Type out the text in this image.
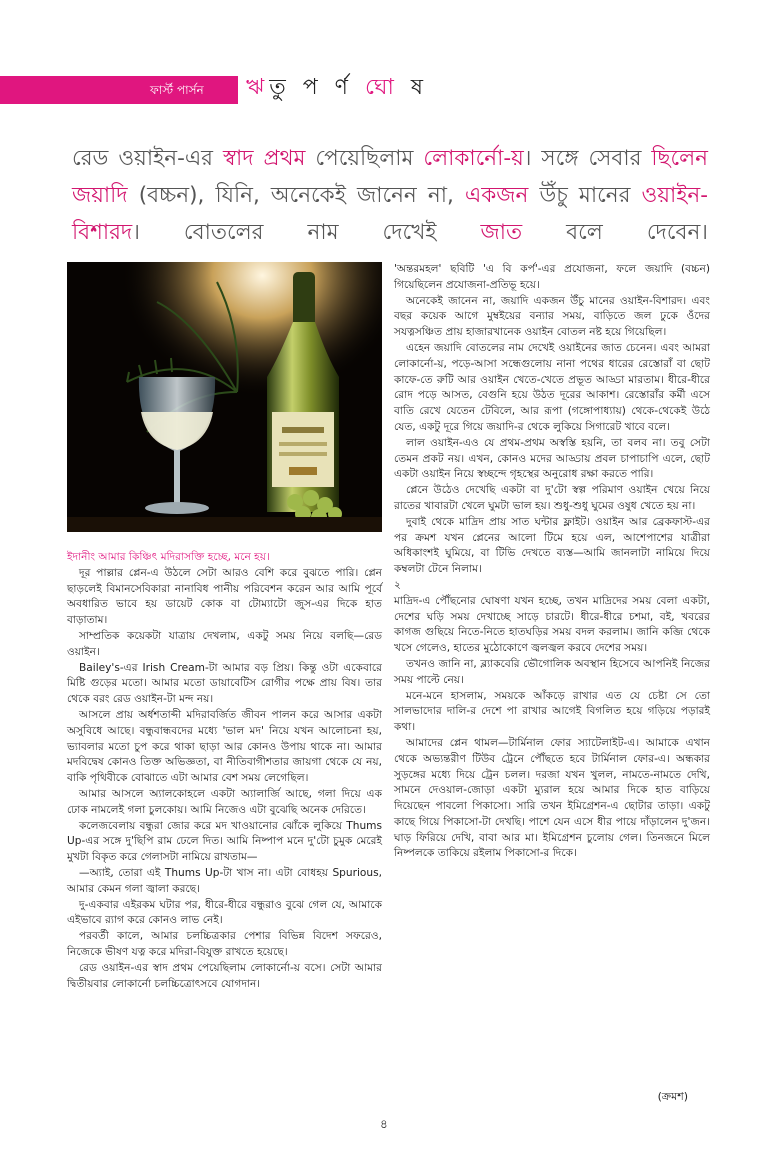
ফার্স্ট পার্সন ঋতু প র্ণ ঘো ষ
রেড ওয়াইন-এর স্বাদ প্রথম পেয়েছিলাম লোকার্নো-য়। সঙ্গে সেবার ছিলেন জয়াদি (বচ্চন), যিনি, অনেকেই জানেন না, একজন উঁচু মানের ওয়াইন-বিশারদ। বোতলের নাম দেখেই জাত বলে দেবেন।

ইদানীং আমার কিঞ্চিৎ মদিরাসক্তি হচ্ছে, মনে হয়।

দূর পাল্লার প্লেন-এ উঠলে সেটা আরও বেশি করে বুঝতে পারি। প্লেন ছাড়লেই বিমানসেবিকারা নানাবিধ পানীয় পরিবেশন করেন আর আমি পূর্বে অবধারিত ভাবে হয় ডায়েট কোক বা টোম্যাটো জুস-এর দিকে হাত বাড়াতাম।

সাম্প্রতিক কয়েকটা যাত্রায় দেখলাম, একটু সময় নিয়ে বলছি—রেড ওয়াইন।

Bailey's-এর Irish Cream-টা আমার বড় প্রিয়। কিন্তু ওটা একেবারে মিষ্টি গুড়ের মতো। আমার মতো ডায়াবেটিস রোগীর পক্ষে প্রায় বিষ। তার থেকে বরং রেড ওয়াইন-টা মন্দ নয়।

আসলে প্রায় অর্ধশতাব্দী মদিরাবর্জিত জীবন পালন করে আসার একটা অসুবিধে আছে। বন্ধুবান্ধবদের মধ্যে 'ভাল মদ' নিয়ে যখন আলোচনা হয়, ভ্যাবলার মতো চুপ করে থাকা ছাড়া আর কোনও উপায় থাকে না। আমার মদবিদ্বেষ কোনও তিক্ত অভিজ্ঞতা, বা নীতিবাগীশতার জায়গা থেকে যে নয়, বাকি পৃথিবীকে বোঝাতে এটা আমার বেশ সময় লেগেছিল।

আমার আসলে অ্যালকোহলে একটা অ্যালার্জি আছে, গলা দিয়ে এক ঢোক নামলেই গলা চুলকোয়। আমি নিজেও এটা বুঝেছি অনেক দেরিতে।

কলেজবেলায় বন্ধুরা জোর করে মদ খাওয়ানোর ঝোঁকে লুকিয়ে Thums Up-এর সঙ্গে দু'ছিপি রাম ঢেলে দিত। আমি নিষ্পাপ মনে দু'টো চুমুক মেরেই মুখটা বিকৃত করে গেলাসটা নামিয়ে রাখতাম—

—অ্যাই, তোরা এই Thums Up-টা খাস না। এটা বোধহয় Spurious, আমার কেমন গলা জ্বালা করছে।

দু-একবার এইরকম ঘটার পর, ধীরে-ধীরে বন্ধুরাও বুঝে গেল যে, আমাকে এইভাবে র‍্যাগ করে কোনও লাভ নেই।

পরবর্তী কালে, আমার চলচ্চিত্রকার পেশার বিভিন্ন বিদেশ সফরেও, নিজেকে ভীষণ যত্ন করে মদিরা-বিযুক্ত রাখতে হয়েছে।

রেড ওয়াইন-এর স্বাদ প্রথম পেয়েছিলাম লোকার্নো-য় বসে। সেটা আমার দ্বিতীয়বার লোকার্নো চলচ্চিত্রোৎসবে যোগদান।

'অন্তরমহল' ছবিটি 'এ বি কর্প'-এর প্রযোজনা, ফলে জয়াদি (বচ্চন) গিয়েছিলেন প্রযোজনা-প্রতিভূ হয়ে।

অনেকেই জানেন না, জয়াদি একজন উঁচু মানের ওয়াইন-বিশারদ। এবং বছর কয়েক আগে মুম্বইয়ের বন্যার সময়, বাড়িতে জল ঢুকে ওঁদের সযত্নসঞ্চিত প্রায় হাজারখানেক ওয়াইন বোতল নষ্ট হয়ে গিয়েছিল।

এহেন জয়াদি বোতলের নাম দেখেই ওয়াইনের জাত চেনেন। এবং আমরা লোকার্নো-য়, পড়ে-আসা সন্ধেগুলোয় নানা পথের ধারের রেস্তোরাঁ বা ছোট কাফে-তে রুটি আর ওয়াইন খেতে-খেতে প্রভূত আড্ডা মারতাম। ধীরে-ধীরে রোদ পড়ে আসত, বেগুনি হয়ে উঠত দূরের আকাশ। রেস্তোরাঁর কর্মী এসে বাতি রেখে যেতেন টেবিলে, আর রূপা (গঙ্গোপাধ্যায়) থেকে-থেকেই উঠে যেত, একটু দূরে গিয়ে জয়াদি-র থেকে লুকিয়ে সিগারেট খাবে বলে।

লাল ওয়াইন-এও যে প্রথম-প্রথম অস্বস্তি হয়নি, তা বলব না। তবু সেটা তেমন প্রকট নয়। এখন, কোনও মদের আড্ডায় প্রবল চাপাচাপি এলে, ছোট একটা ওয়াইন নিয়ে স্বচ্ছন্দে গৃহস্থের অনুরোধ রক্ষা করতে পারি।

প্লেনে উঠেও দেখেছি একটা বা দু'টো স্বল্প পরিমাণ ওয়াইন খেয়ে নিয়ে রাতের খাবারটা খেলে ঘুমটা ভাল হয়। শুধু-শুধু ঘুমের ওষুধ খেতে হয় না।

দুবাই থেকে মাদ্রিদ প্রায় সাত ঘন্টার ফ্লাইট। ওয়াইন আর ব্রেকফাস্ট-এর পর ক্রমশ যখন প্লেনের আলো টিমে হয়ে এল, আশেপাশের যাত্রীরা অধিকাংশই ঘুমিয়ে, বা টিভি দেখতে ব্যস্ত—আমি জানলাটা নামিয়ে দিয়ে কম্বলটা টেনে নিলাম।

২

মাদ্রিদ-এ পৌঁছনোর ঘোষণা যখন হচ্ছে, তখন মাদ্রিদের সময় বেলা একটা, দেশের ঘড়ি সময় দেখাচ্ছে সাড়ে চারটে। ধীরে-ধীরে চশমা, বই, খবরের কাগজ গুছিয়ে নিতে-নিতে হাতঘড়ির সময় বদল করলাম। জানি কব্জি থেকে খসে গেলেও, হাতের মুঠোকোণে জ্বলজ্বল করবে দেশের সময়।

তখনও জানি না, ব্ল্যাকবেরি ভৌগোলিক অবস্থান হিসেবে আপনিই নিজের সময় পাল্টে নেয়।

মনে-মনে হাসলাম, সময়কে আঁকড়ে রাখার এত যে চেষ্টা সে তো সালভাদোর দালি-র দেশে পা রাখার আগেই বিগলিত হয়ে গড়িয়ে পড়ারই কথা।

আমাদের প্লেন থামল—টার্মিনাল ফোর স্যাটেলাইট-এ। আমাকে এখান থেকে অভ্যন্তরীণ টিউব ট্রেনে পৌঁছতে হবে টার্মিনাল ফোর-এ। অন্ধকার সুড়ঙ্গের মধ্যে দিয়ে ট্রেন চলল। দরজা যখন খুলল, নামতে-নামতে দেখি, সামনে দেওয়াল-জোড়া একটা ম্যুরাল হয়ে আমার দিকে হাত বাড়িয়ে দিয়েছেন পাবলো পিকাসো। সারি তখন ইমিগ্রেশন-এ ছোটার তাড়া। একটু কাছে গিয়ে পিকাসো-টা দেখছি। পাশে যেন এসে ধীর পায়ে দাঁড়ালেন দু'জন। ঘাড় ফিরিয়ে দেখি, বাবা আর মা। ইমিগ্রেশন চুলোয় গেল। তিনজনে মিলে নিষ্পলকে তাকিয়ে রইলাম পিকাসো-র দিকে।

(ক্রমশ)
৪
